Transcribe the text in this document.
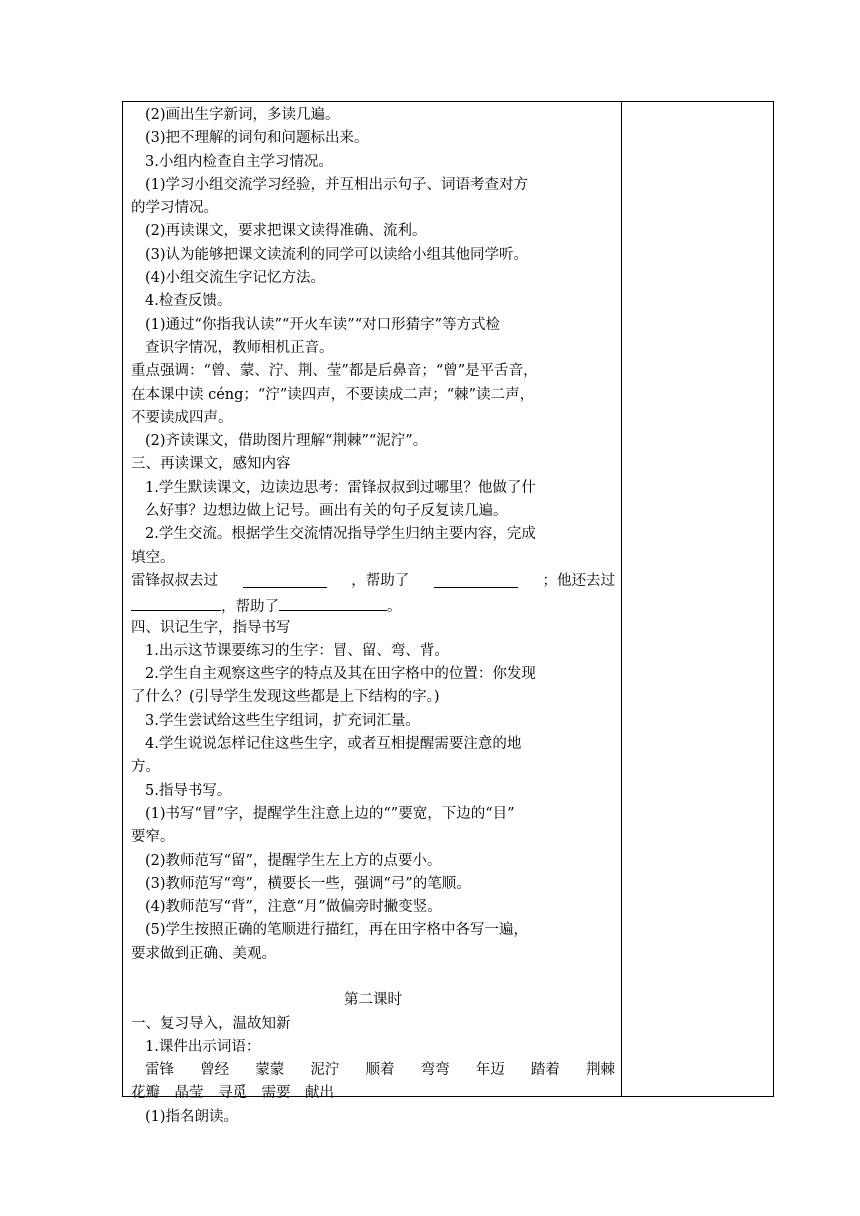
(2)画出生字新词，多读几遍。
(3)把不理解的词句和问题标出来。
3.小组内检查自主学习情况。
(1)学习小组交流学习经验，并互相出示句子、词语考查对方
的学习情况。
(2)再读课文，要求把课文读得准确、流利。
(3)认为能够把课文读流利的同学可以读给小组其他同学听。
(4)小组交流生字记忆方法。
4.检查反馈。
(1)通过“你指我认读”“开火车读”“对口形猜字”等方式检
查识字情况，教师相机正音。
重点强调：“曾、蒙、泞、荆、莹”都是后鼻音；“曾”是平舌音，
在本课中读 céng；“泞”读四声，不要读成二声；“棘”读二声，
不要读成四声。
(2)齐读课文，借助图片理解“荆棘”“泥泞”。
三、再读课文，感知内容
1.学生默读课文，边读边思考：雷锋叔叔到过哪里？他做了什
么好事？边想边做上记号。画出有关的句子反复读几遍。
2.学生交流。根据学生交流情况指导学生归纳主要内容，完成
填空。
雷锋叔叔去过	，帮助了	；他还去过
，帮助了	。
四、识记生字，指导书写
1.出示这节课要练习的生字：冒、留、弯、背。
2.学生自主观察这些字的特点及其在田字格中的位置：你发现
了什么？(引导学生发现这些都是上下结构的字。)
3.学生尝试给这些生字组词，扩充词汇量。
4.学生说说怎样记住这些生字，或者互相提醒需要注意的地
方。
5.指导书写。
(1)书写“冒”字，提醒学生注意上边的“”要宽，下边的“目”
要窄。
(2)教师范写“留”，提醒学生左上方的点要小。
(3)教师范写“弯”，横要长一些，强调“弓”的笔顺。
(4)教师范写“背”，注意“月”做偏旁时撇变竖。
(5)学生按照正确的笔顺进行描红，再在田字格中各写一遍，
要求做到正确、美观。
第二课时
一、复习导入，温故知新
1.课件出示词语：
雷锋 曾经 蒙蒙 泥泞 顺着 弯弯 年迈 踏着 荆棘
花瓣　晶莹　寻觅　需要　献出
(1)指名朗读。
